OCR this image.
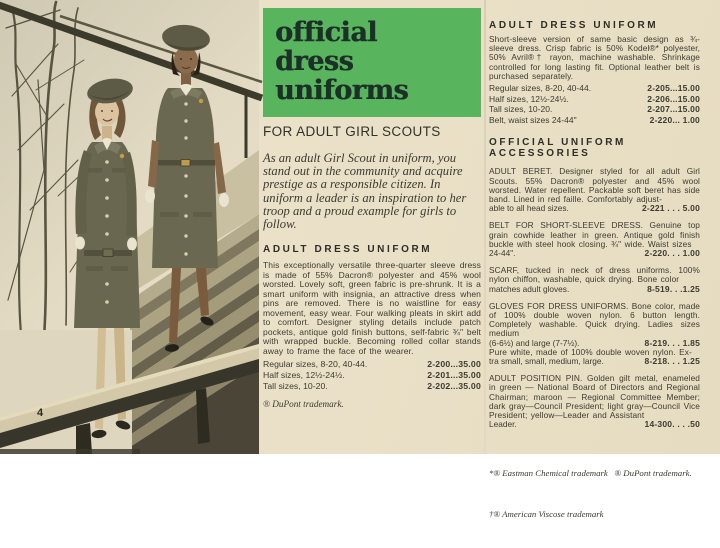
4
official
dress
uniforms
FOR ADULT GIRL SCOUTS

As an adult Girl Scout in uniform, you stand out in the community and acquire prestige as a responsible citizen. In uniform a leader is an inspiration to her troop and a proud example for girls to follow.

ADULT DRESS UNIFORM

This exceptionally versatile three-quarter sleeve dress is made of 55% Dacron® polyester and 45% wool worsted. Lovely soft, green fabric is pre-shrunk. It is a smart uniform with insignia, an attractive dress when pins are removed. There is no waistline for easy movement, easy wear. Four walking pleats in skirt add to comfort. Designer styling details include patch pockets, antique gold finish buttons, self-fabric ¾" belt with wrapped buckle. Becoming rolled collar stands away to frame the face of the wearer.

Regular sizes, 8-20, 40-44.	2-200...35.00
Half sizes, 12½-24½.	2-201...35.00
Tall sizes, 10-20.	2-202...35.00
® DuPont trademark.
ADULT DRESS UNIFORM

Short-sleeve version of same basic design as ¾-sleeve dress. Crisp fabric is 50% Kodel®* polyester, 50% Avril®† rayon, machine washable. Shrinkage controlled for long lasting fit. Optional leather belt is purchased separately.

Regular sizes, 8-20, 40-44.	2-205...15.00
Half sizes, 12½-24½.	2-206...15.00
Tall sizes, 10-20.	2-207...15.00
Belt, waist sizes 24-44"	2-220... 1.00
OFFICIAL UNIFORM ACCESSORIES

ADULT BERET. Designer styled for all adult Girl Scouts. 55% Dacron® polyester and 45% wool worsted. Water repellent. Packable soft beret has side band. Lined in red faille. Comfortably adjust-

able to all head sizes.	2-221 . . . 5.00

BELT FOR SHORT-SLEEVE DRESS. Genuine top grain cowhide leather in green. Antique gold finish buckle with steel hook closing. ¾" wide. Waist sizes

24-44".	2-220. . . 1.00

SCARF, tucked in neck of dress uniforms. 100% nylon chiffon, washable, quick drying. Bone color

matches adult gloves.	8-519. . .1.25

GLOVES FOR DRESS UNIFORMS. Bone color, made of 100% double woven nylon. 6 button length. Completely washable. Quick drying. Ladies sizes medium

(6-6½) and large (7-7½).	8-219. . . 1.85

Pure white, made of 100% double woven nylon. Ex-

tra small, small, medium, large.	8-218. . . 1.25

ADULT POSITION PIN. Golden gilt metal, enameled in green — National Board of Directors and Regional Chairman; maroon — Regional Committee Member; dark gray—Council President; light gray—Council Vice President; yellow—Leader and Assistant

Leader.	14-300. . . .50

*® Eastman Chemical trademark   ® DuPont trademark.

†® American Viscose trademark
